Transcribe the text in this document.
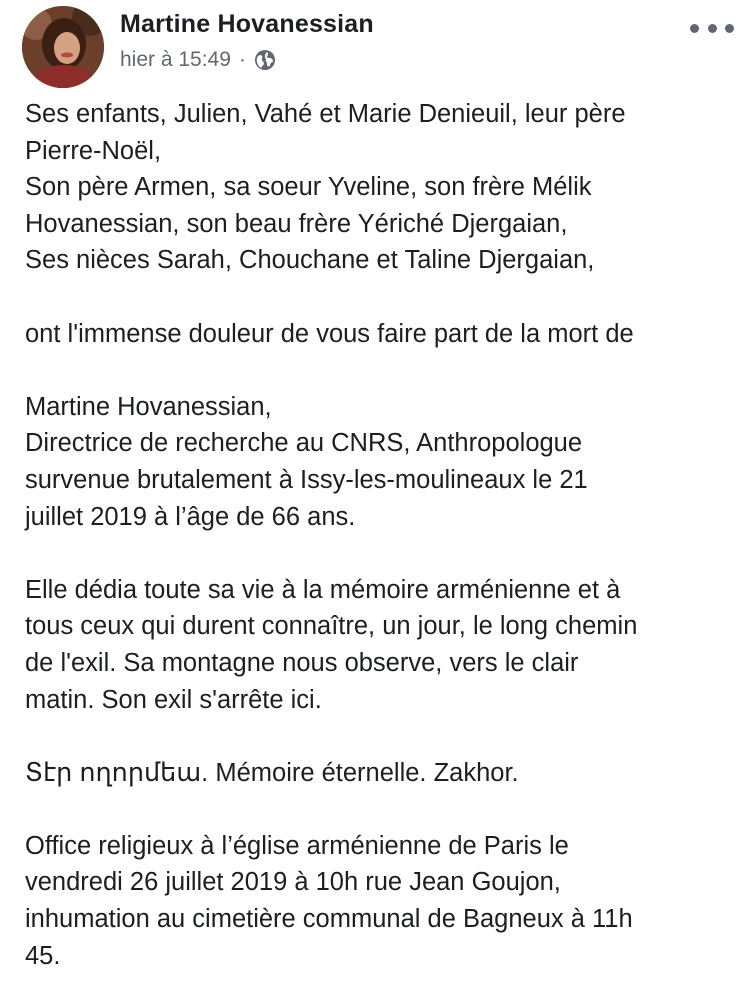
Martine Hovanessian
hier à 15:49 ·

Ses enfants, Julien, Vahé et Marie Denieuil, leur père
Pierre-Noël,
Son père Armen, sa soeur Yveline, son frère Mélik
Hovanessian, son beau frère Yériché Djergaian,
Ses nièces Sarah, Chouchane et Taline Djergaian,

ont l'immense douleur de vous faire part de la mort de

Martine Hovanessian,
Directrice de recherche au CNRS, Anthropologue
survenue brutalement à Issy-les-moulineaux le 21
juillet 2019 à l’âge de 66 ans.

Elle dédia toute sa vie à la mémoire arménienne et à
tous ceux qui durent connaître, un jour, le long chemin
de l'exil. Sa montagne nous observe, vers le clair
matin. Son exil s'arrête ici.

Տէր ողորմեա. Mémoire éternelle. Zakhor.

Office religieux à l’église arménienne de Paris le
vendredi 26 juillet 2019 à 10h rue Jean Goujon,
inhumation au cimetière communal de Bagneux à 11h
45.
